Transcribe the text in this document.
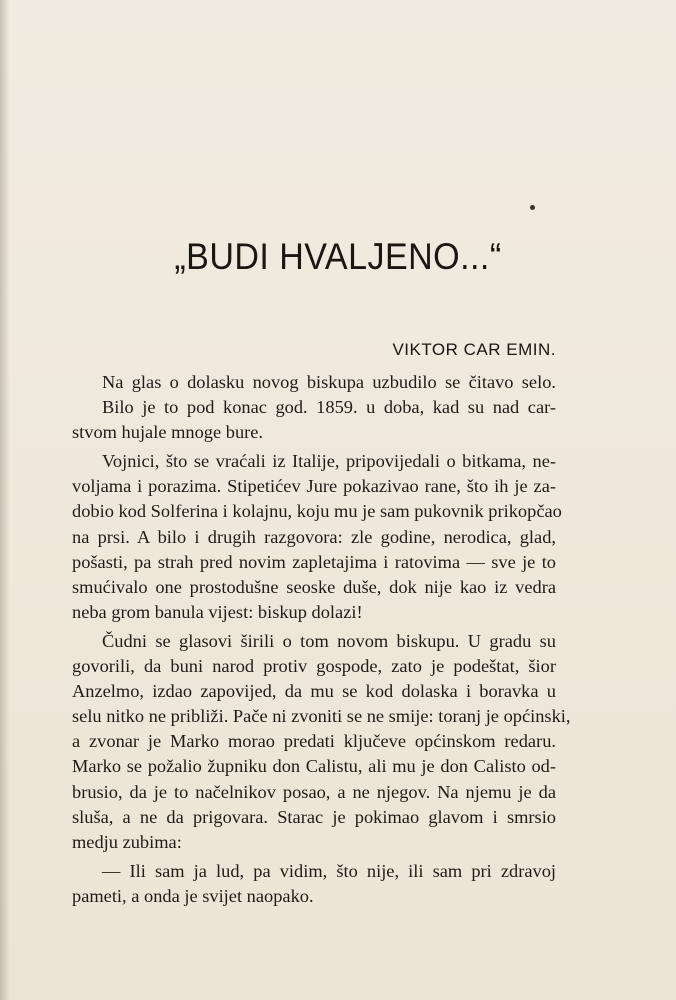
„BUDI HVALJENO...“
VIKTOR CAR EMIN.
Na glas o dolasku novog biskupa uzbudilo se čitavo selo.
Bilo je to pod konac god. 1859. u doba, kad su nad car-
stvom hujale mnoge bure.
Vojnici, što se vraćali iz Italije, pripovijedali o bitkama, ne-
voljama i porazima. Stipetićev Jure pokazivao rane, što ih je za-
dobio kod Solferina i kolajnu, koju mu je sam pukovnik prikopčao
na prsi. A bilo i drugih razgovora: zle godine, nerodica, glad,
pošasti, pa strah pred novim zapletajima i ratovima — sve je to
smućivalo one prostodušne seoske duše, dok nije kao iz vedra
neba grom banula vijest: biskup dolazi!
Čudni se glasovi širili o tom novom biskupu. U gradu su
govorili, da buni narod protiv gospode, zato je podeštat, šior
Anzelmo, izdao zapovijed, da mu se kod dolaska i boravka u
selu nitko ne približi. Pače ni zvoniti se ne smije: toranj je općinski,
a zvonar je Marko morao predati ključeve općinskom redaru.
Marko se požalio župniku don Calistu, ali mu je don Calisto od-
brusio, da je to načelnikov posao, a ne njegov. Na njemu je da
sluša, a ne da prigovara. Starac je pokimao glavom i smrsio
medju zubima:
— Ili sam ja lud, pa vidim, što nije, ili sam pri zdravoj
pameti, a onda je svijet naopako.
